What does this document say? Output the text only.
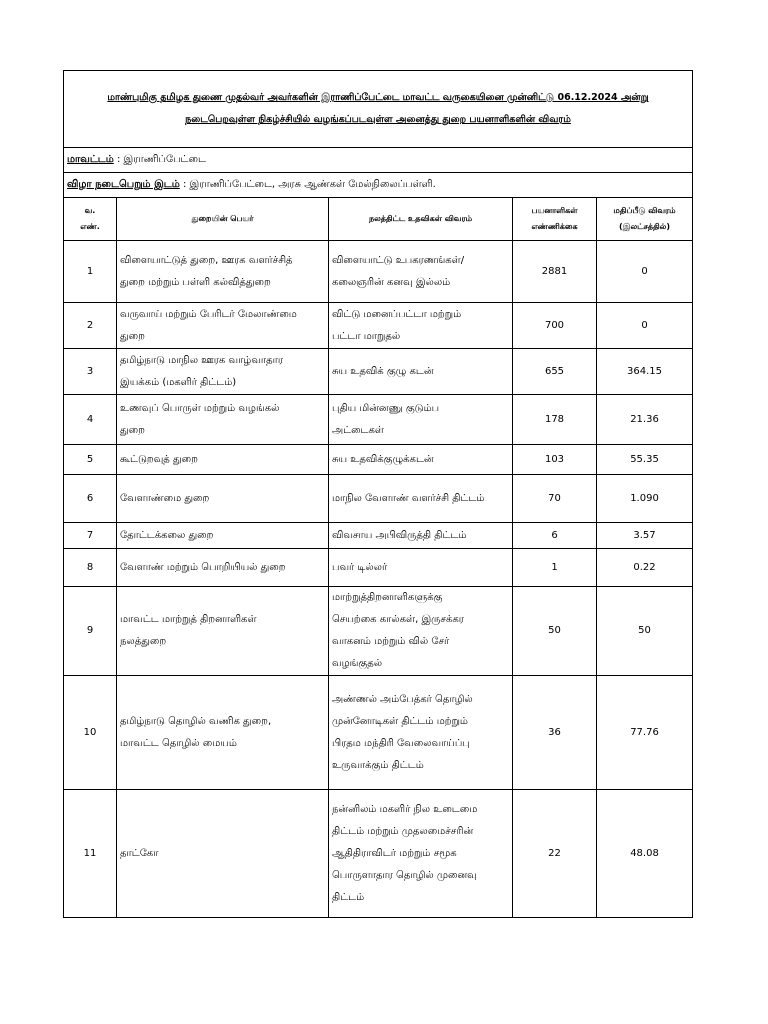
மாண்புமிகு தமிழக துணை முதல்வர் அவர்களின் இராணிப்பேட்டை மாவட்ட வருகையினை முன்னிட்டு 06.12.2024 அன்று
நடைபெறவுள்ள நிகழ்ச்சியில் வழங்கப்படவுள்ள அனைத்து துறை பயனாளிகளின் விவரம்				
மாவட்டம் : இராணிப்பேட்டை				
விழா நடைபெறும் இடம் : இராணிப்பேட்டை, அரசு ஆண்கள் மேல்நிலைப்பள்ளி.				
வ.
எண்.	துறையின் பெயர்	நலத்திட்ட உதவிகள் விவரம்	பயனாளிகள்
எண்ணிக்கை	மதிப்பீடு விவரம்
(இலட்சத்தில்)
1	விளையாட்டுத் துறை, ஊரக வளர்ச்சித்
துறை மற்றும் பள்ளி கல்வித்துறை	விளையாட்டு உபகரணங்கள்/
கலைஞரின் கனவு இல்லம்	2881	0
2	வருவாய் மற்றும் பேரிடர் மேலாண்மை
துறை	விட்டு மனைப்பட்டா மற்றும்
பட்டா மாறுதல்	700	0
3	தமிழ்நாடு மாநில ஊரக வாழ்வாதார
இயக்கம் (மகளிர் திட்டம்)	சுய உதவிக் குழு கடன்	655	364.15
4	உணவுப் பொருள் மற்றும் வழங்கல்
துறை	புதிய மின்னணு குடும்ப
அட்டைகள்	178	21.36
5	கூட்டுறவுத் துறை	சுய உதவிக்குழுக்கடன்	103	55.35
6	வேளாண்மை துறை	மாநில வேளாண் வளர்ச்சி திட்டம்	70	1.090
7	தோட்டக்கலை துறை	விவசாய அபிவிருத்தி திட்டம்	6	3.57
8	வேளாண் மற்றும் பொறியியல் துறை	பவர் டில்லர்	1	0.22
9	மாவட்ட மாற்றுத் திறனாளிகள்
நலத்துறை	மாற்றுத்திறனாளிகளுக்கு
செயற்கை கால்கள், இருசக்கர
வாகனம் மற்றும் வில் சேர்
வழங்குதல்	50	50
10	தமிழ்நாடு தொழில் வணிக துறை,
மாவட்ட தொழில் மையம்	அண்ணல் அம்பேத்கர் தொழில்
முன்னோடிகள் திட்டம் மற்றும்
பிரதம மந்திரி வேலைவாய்ப்பு
உருவாக்கும் திட்டம்	36	77.76
11	தாட்கோ	நன்னிலம் மகளிர் நில உடைமை
திட்டம் மற்றும் முதலமைச்சரின்
ஆதிதிராவிடர் மற்றும் சமூக
பொருளாதார தொழில் முனைவு
திட்டம்	22	48.08
